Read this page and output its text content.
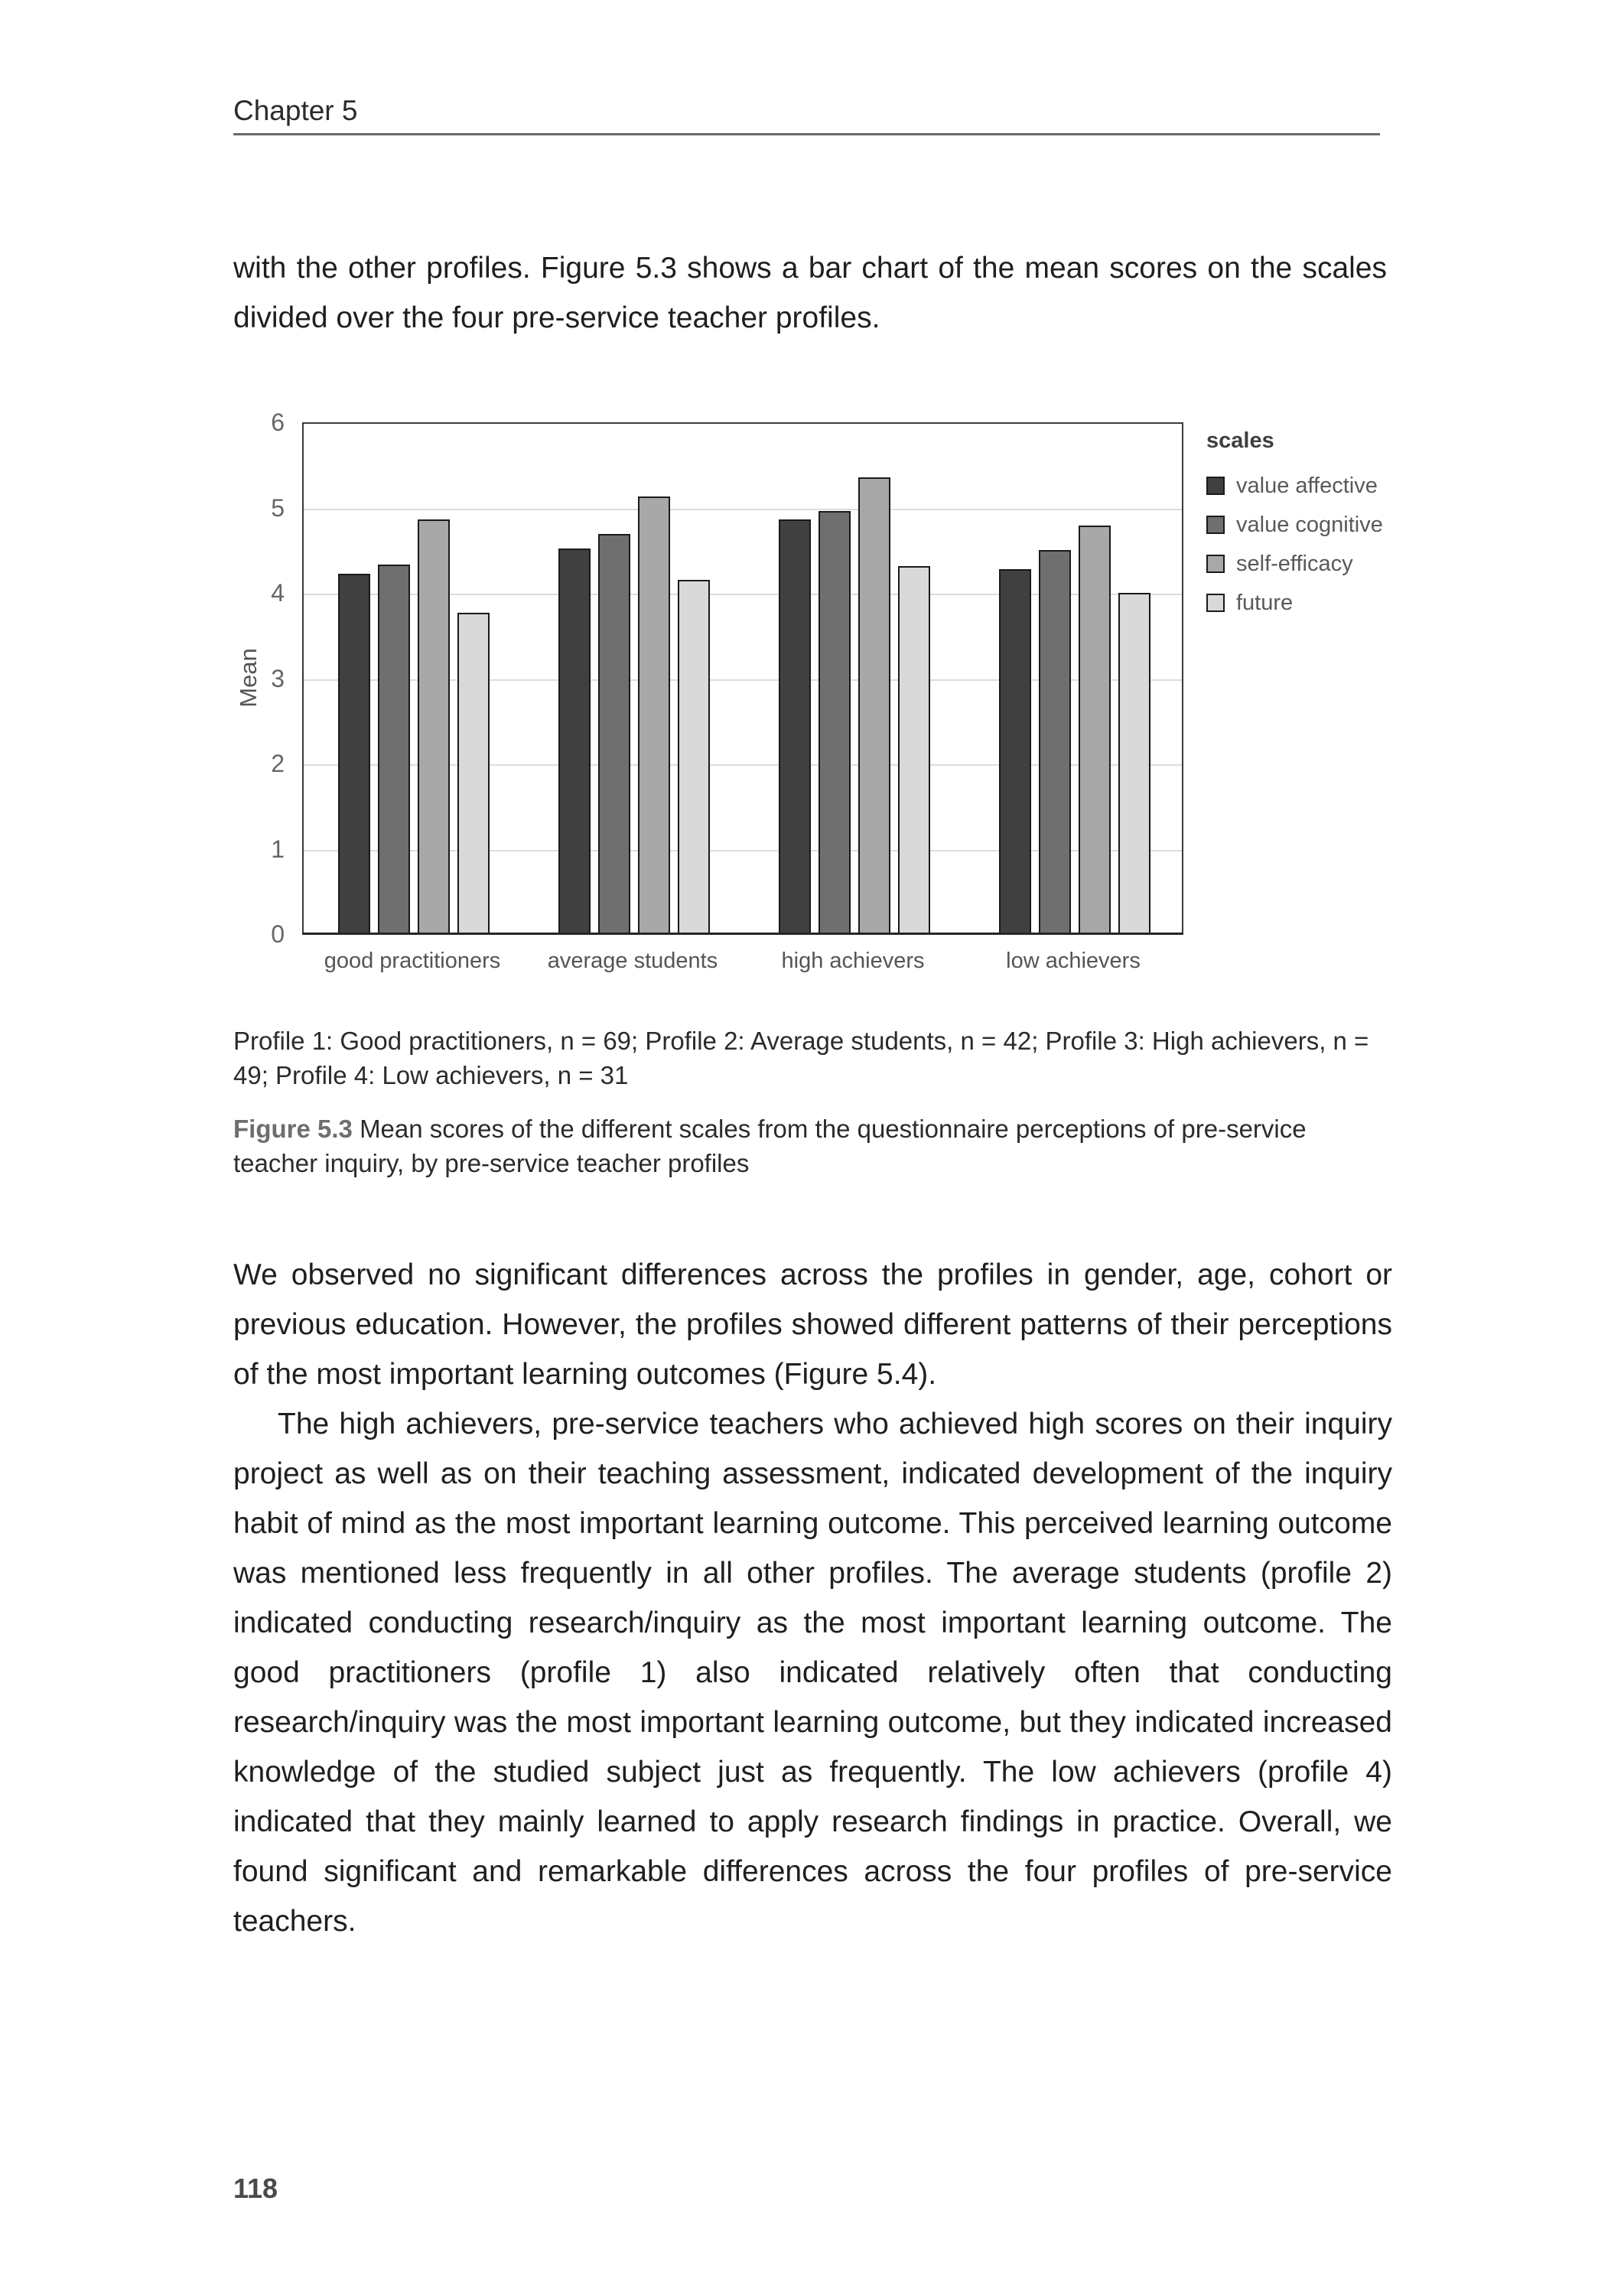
Chapter 5
with the other profiles. Figure 5.3 shows a bar chart of the mean scores on the scales divided over the four pre-service teacher profiles.
Mean
0
1
2
3
4
5
6
good practitioners	average students	high achievers	low achievers
scales
value affective
value cognitive
self-efficacy
future
Profile 1: Good practitioners, n = 69; Profile 2: Average students, n = 42; Profile 3: High achievers, n = 49; Profile 4: Low achievers, n = 31
Figure 5.3 Mean scores of the different scales from the questionnaire perceptions of pre-service teacher inquiry, by pre-service teacher profiles

We observed no significant differences across the profiles in gender, age, cohort or previous education. However, the profiles showed different patterns of their perceptions of the most important learning outcomes (Figure 5.4).

The high achievers, pre-service teachers who achieved high scores on their inquiry project as well as on their teaching assessment, indicated development of the inquiry habit of mind as the most important learning outcome. This perceived learning outcome was mentioned less frequently in all other profiles. The average students (profile 2) indicated conducting research/inquiry as the most important learning outcome. The good practitioners (profile 1) also indicated relatively often that conducting research/inquiry was the most important learning outcome, but they indicated increased knowledge of the studied subject just as frequently. The low achievers (profile 4) indicated that they mainly learned to apply research findings in practice. Overall, we found significant and remarkable differences across the four profiles of pre-service teachers.

118
